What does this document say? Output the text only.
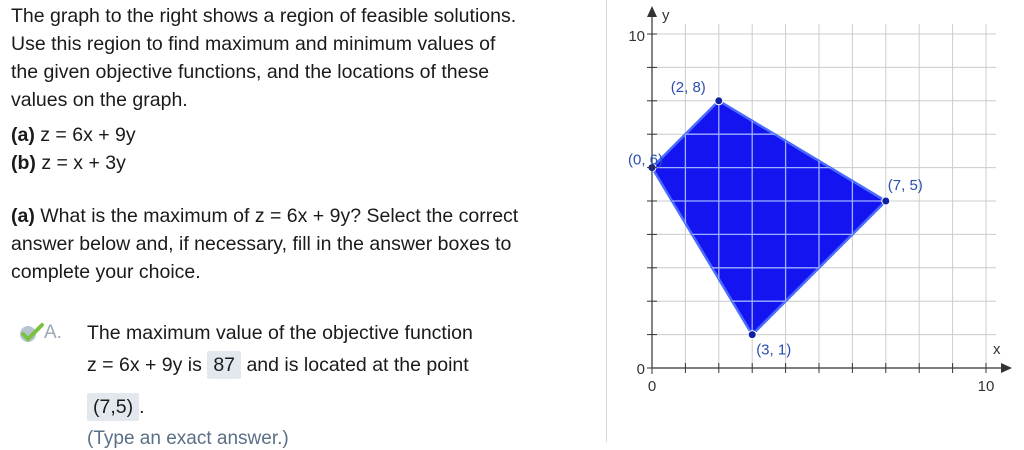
The graph to the right shows a region of feasible solutions.
Use this region to find maximum and minimum values of
the given objective functions, and the locations of these
values on the graph.
(a) z = 6x + 9y
(b) z = x + 3y
(a) What is the maximum of z = 6x + 9y? Select the correct
answer below and, if necessary, fill in the answer boxes to
complete your choice.
A. The maximum value of the objective function
z = 6x + 9y is 87 and is located at the point
(7,5) .
(Type an exact answer.)
y
x
10
0
0	10
(0, 6)
(2, 8)
(7, 5)
(3, 1)
